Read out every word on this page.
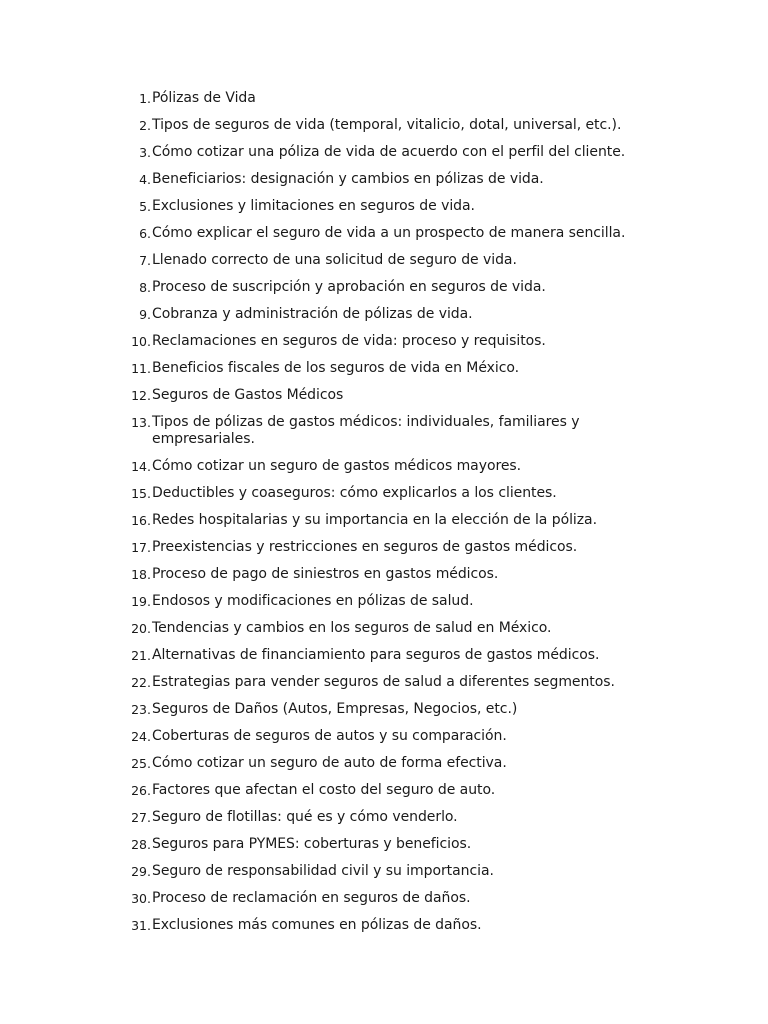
1. Pólizas de Vida
2. Tipos de seguros de vida (temporal, vitalicio, dotal, universal, etc.).
3. Cómo cotizar una póliza de vida de acuerdo con el perfil del cliente.
4. Beneficiarios: designación y cambios en pólizas de vida.
5. Exclusiones y limitaciones en seguros de vida.
6. Cómo explicar el seguro de vida a un prospecto de manera sencilla.
7. Llenado correcto de una solicitud de seguro de vida.
8. Proceso de suscripción y aprobación en seguros de vida.
9. Cobranza y administración de pólizas de vida.
10. Reclamaciones en seguros de vida: proceso y requisitos.
11. Beneficios fiscales de los seguros de vida en México.
12. Seguros de Gastos Médicos
13. Tipos de pólizas de gastos médicos: individuales, familiares y empresariales.
14. Cómo cotizar un seguro de gastos médicos mayores.
15. Deductibles y coaseguros: cómo explicarlos a los clientes.
16. Redes hospitalarias y su importancia en la elección de la póliza.
17. Preexistencias y restricciones en seguros de gastos médicos.
18. Proceso de pago de siniestros en gastos médicos.
19. Endosos y modificaciones en pólizas de salud.
20. Tendencias y cambios en los seguros de salud en México.
21. Alternativas de financiamiento para seguros de gastos médicos.
22. Estrategias para vender seguros de salud a diferentes segmentos.
23. Seguros de Daños (Autos, Empresas, Negocios, etc.)
24. Coberturas de seguros de autos y su comparación.
25. Cómo cotizar un seguro de auto de forma efectiva.
26. Factores que afectan el costo del seguro de auto.
27. Seguro de flotillas: qué es y cómo venderlo.
28. Seguros para PYMES: coberturas y beneficios.
29. Seguro de responsabilidad civil y su importancia.
30. Proceso de reclamación en seguros de daños.
31. Exclusiones más comunes en pólizas de daños.
